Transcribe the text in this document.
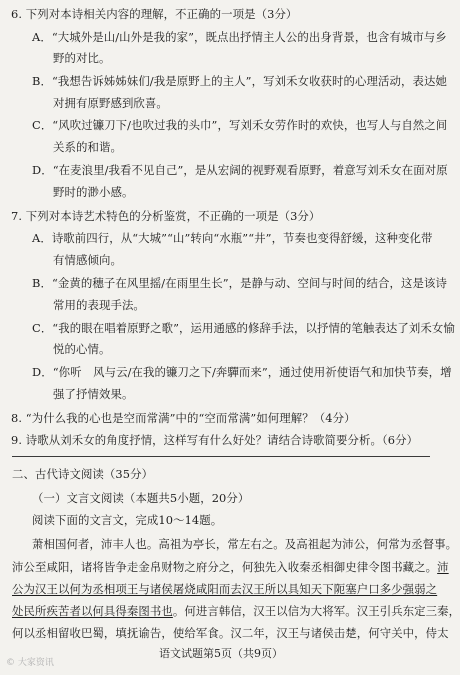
6. 下列对本诗相关内容的理解，不正确的一项是（3分）
A．“大城外是山/山外是我的家”，既点出抒情主人公的出身背景，也含有城市与乡
野的对比。
B．“我想告诉姊姊妹们/我是原野上的主人”，写刘禾女收获时的心理活动，表达她
对拥有原野感到欣喜。
C．“风吹过镰刀下/也吹过我的头巾”，写刘禾女劳作时的欢快，也写人与自然之间
关系的和谐。
D．“在麦浪里/我看不见自己”，是从宏阔的视野观看原野，着意写刘禾女在面对原
野时的渺小感。
7. 下列对本诗艺术特色的分析鉴赏，不正确的一项是（3分）
A．诗歌前四行，从“大城”“山”转向“水瓶”“井”，节奏也变得舒缓，这种变化带
有情感倾向。
B．“金黄的穗子在风里摇/在雨里生长”，是静与动、空间与时间的结合，这是该诗
常用的表现手法。
C．“我的眼在唱着原野之歌”，运用通感的修辞手法，以抒情的笔触表达了刘禾女愉
悦的心情。
D．“你听　风与云/在我的镰刀之下/奔驒而来”，通过使用祈使语气和加快节奏，增
强了抒情效果。
8. “为什么我的心也是空而常满”中的“空而常满”如何理解？（4分）
9. 诗歌从刘禾女的角度抒情，这样写有什么好处？请结合诗歌简要分析。（6分）
二、古代诗文阅读（35分）
（一）文言文阅读（本题共5小题，20分）
阅读下面的文言文，完成10～14题。
萧相国何者，沛丰人也。高祖为亭长，常左右之。及高祖起为沛公，何常为丞督事。
沛公至咸阳，诸将皆争走金帛财物之府分之，何独先入收秦丞相御史律令图书藏之。沛
公为汉王以何为丞相项王与诸侯屠烧咸阳而去汉王所以具知天下阨塞户口多少强弱之
处民所疾苦者以何具得秦图书也。何进言韩信，汉王以信为大将军。汉王引兵东定三秦，
何以丞相留收巴蜀，填抚谕告，使给军食。汉二年，汉王与诸侯击楚，何守关中，侍太
语文试题第5页（共9页）
© 大家资讯
